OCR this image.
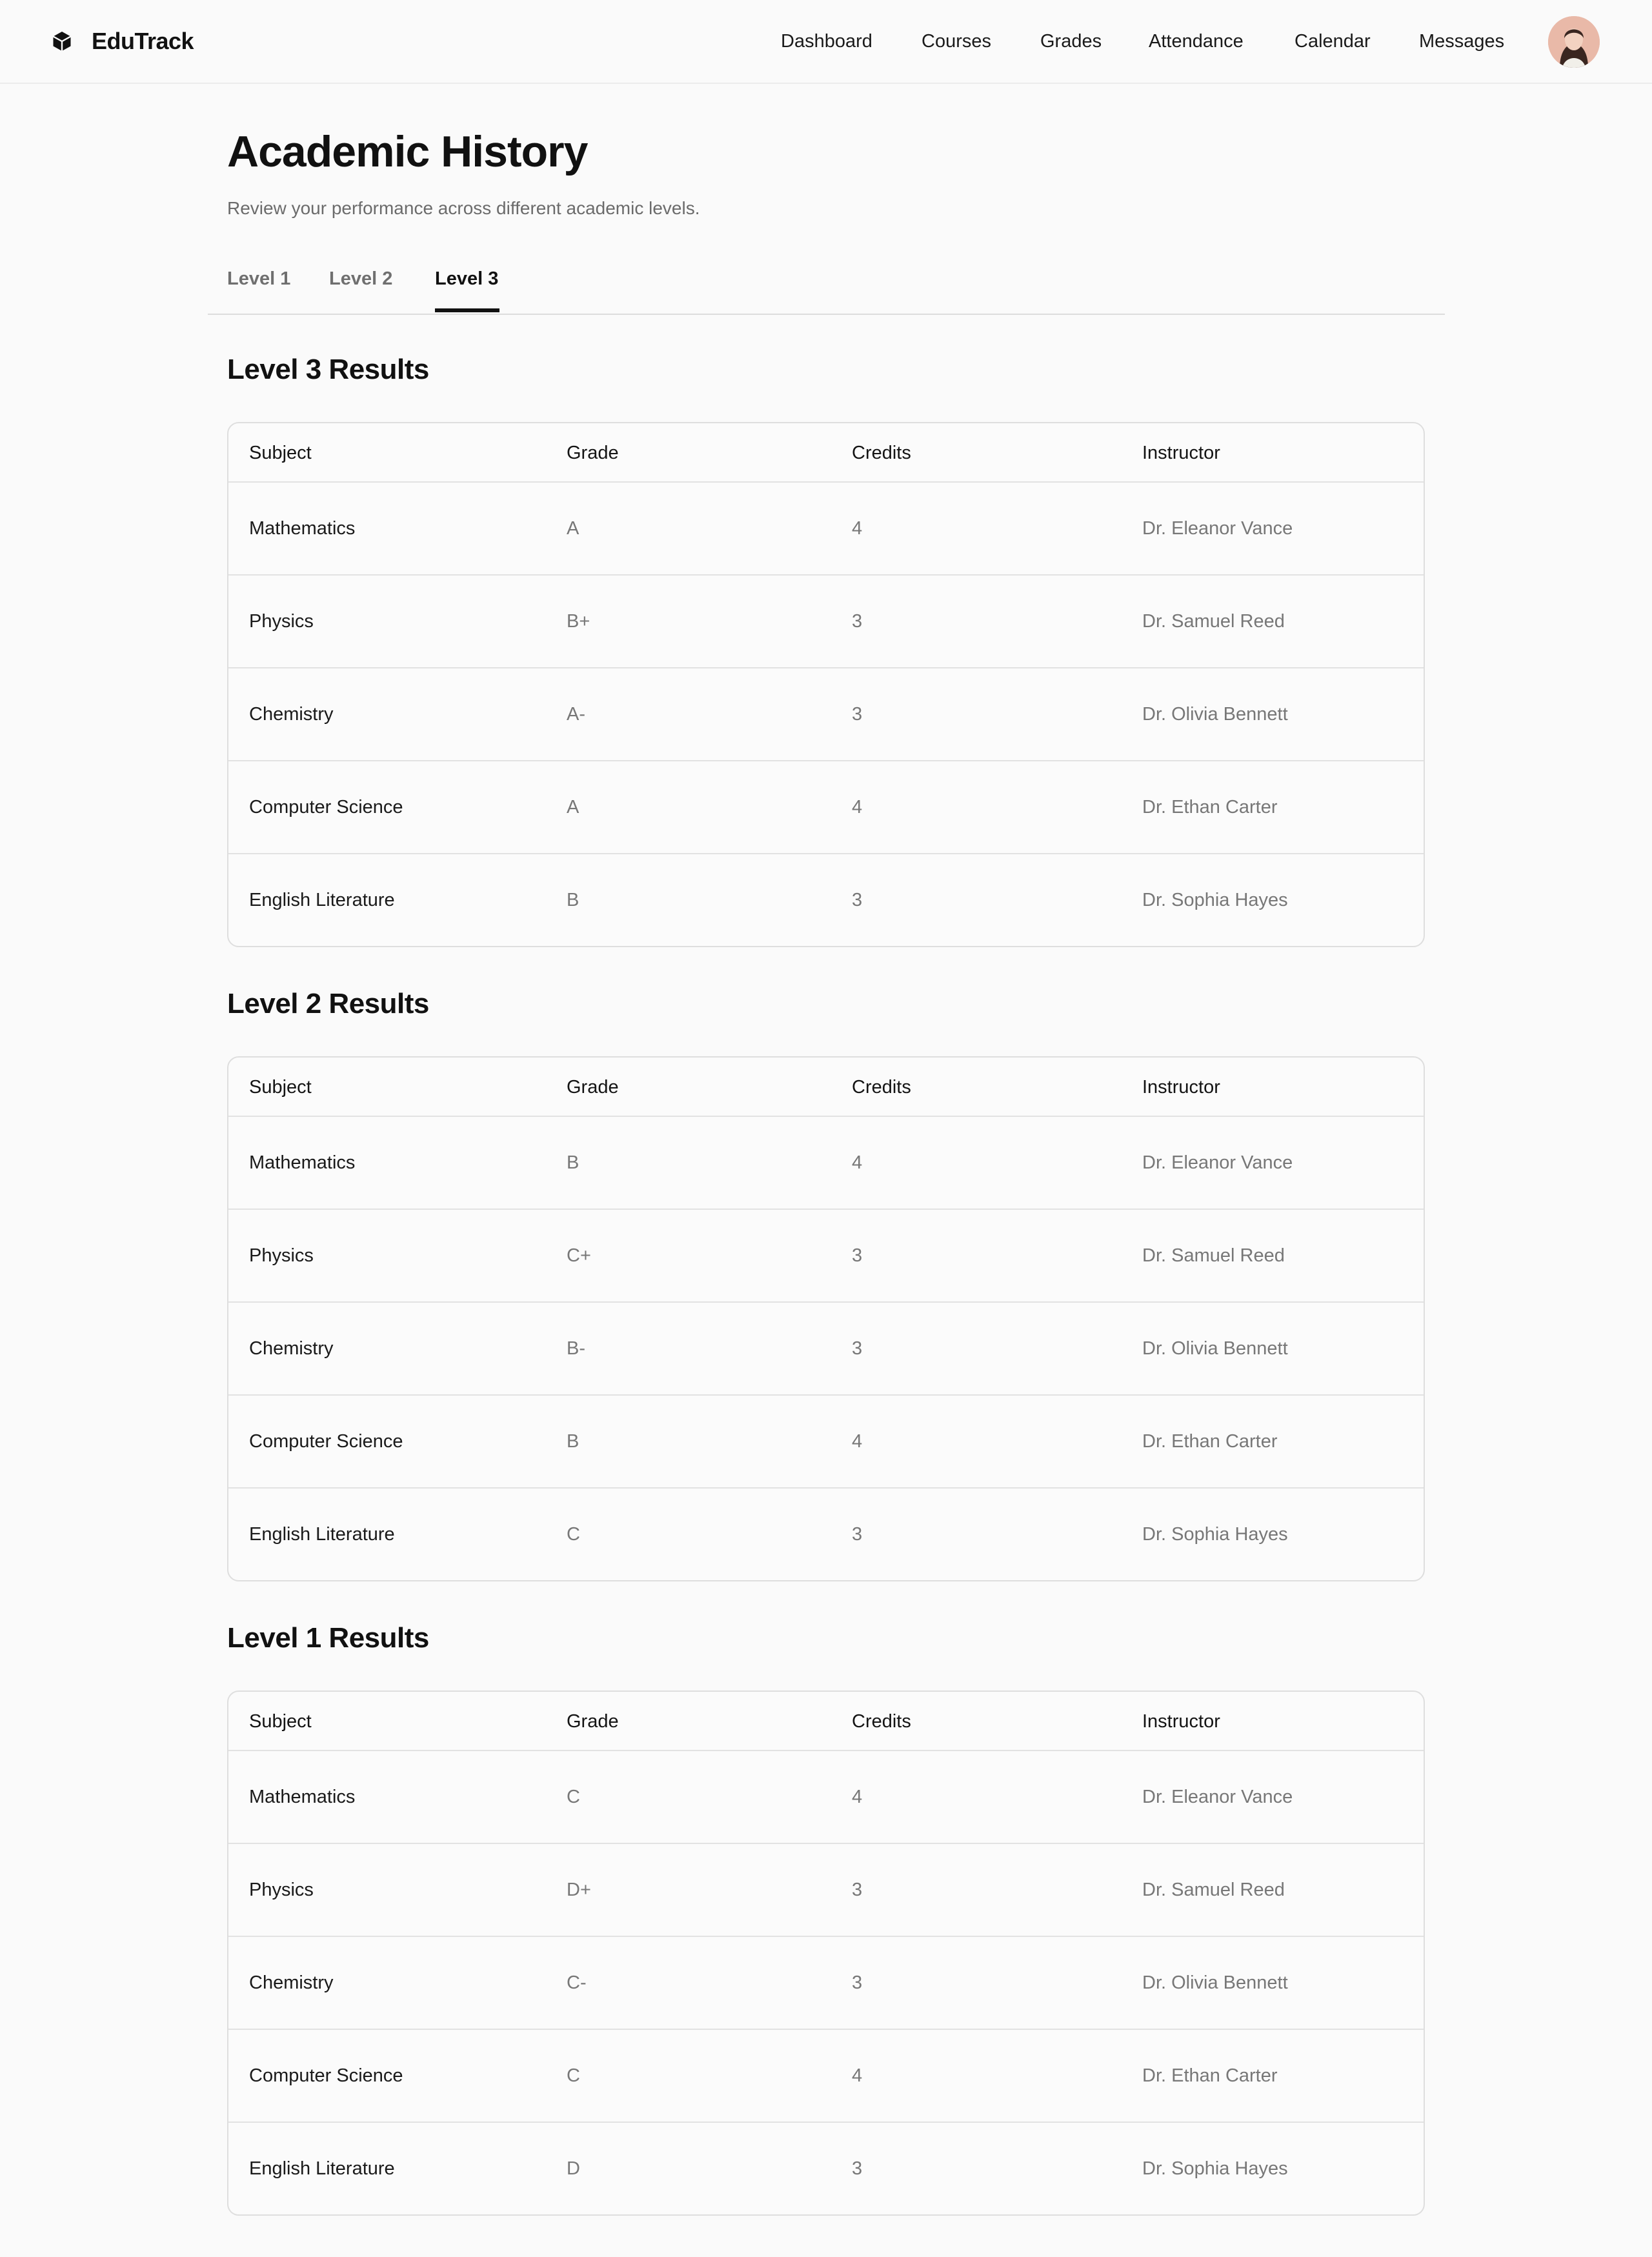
EduTrack	Dashboard	Courses	Grades	Attendance	Calendar	Messages
Academic History

Review your performance across different academic levels.

Level 1 Level 2 Level 3
Level 3 Results
Subject	Grade	Credits	Instructor
Mathematics	A	4	Dr. Eleanor Vance
Physics	B+	3	Dr. Samuel Reed
Chemistry	A-	3	Dr. Olivia Bennett
Computer Science	A	4	Dr. Ethan Carter
English Literature	B	3	Dr. Sophia Hayes
Level 2 Results
Subject	Grade	Credits	Instructor
Mathematics	B	4	Dr. Eleanor Vance
Physics	C+	3	Dr. Samuel Reed
Chemistry	B-	3	Dr. Olivia Bennett
Computer Science	B	4	Dr. Ethan Carter
English Literature	C	3	Dr. Sophia Hayes
Level 1 Results
Subject	Grade	Credits	Instructor
Mathematics	C	4	Dr. Eleanor Vance
Physics	D+	3	Dr. Samuel Reed
Chemistry	C-	3	Dr. Olivia Bennett
Computer Science	C	4	Dr. Ethan Carter
English Literature	D	3	Dr. Sophia Hayes
